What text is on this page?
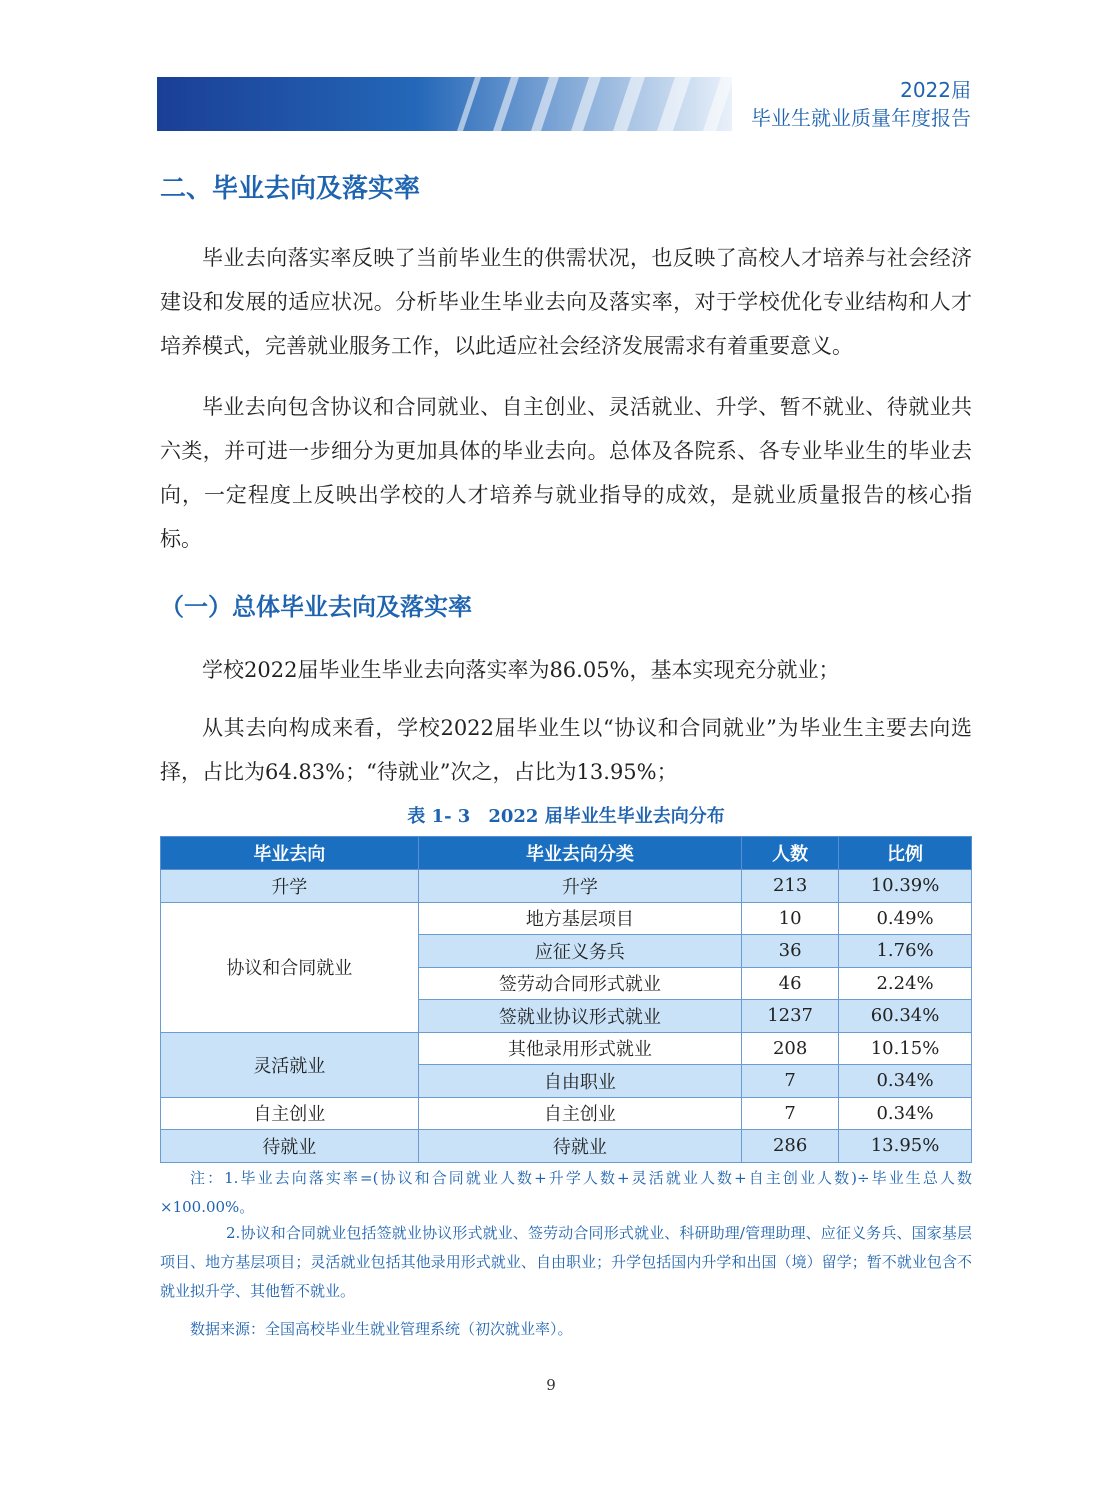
2022届
毕业生就业质量年度报告
二、毕业去向及落实率

毕业去向落实率反映了当前毕业生的供需状况，也反映了高校人才培养与社会经济建设和发展的适应状况。分析毕业生毕业去向及落实率，对于学校优化专业结构和人才培养模式，完善就业服务工作，以此适应社会经济发展需求有着重要意义。

毕业去向包含协议和合同就业、自主创业、灵活就业、升学、暂不就业、待就业共六类，并可进一步细分为更加具体的毕业去向。总体及各院系、各专业毕业生的毕业去向，一定程度上反映出学校的人才培养与就业指导的成效，是就业质量报告的核心指标。

（一）总体毕业去向及落实率

学校2022届毕业生毕业去向落实率为86.05%，基本实现充分就业；

从其去向构成来看，学校2022届毕业生以“协议和合同就业”为毕业生主要去向选择，占比为64.83%；“待就业”次之，占比为13.95%；

表 1- 3　2022 届毕业生毕业去向分布
毕业去向	毕业去向分类	人数	比例
升学	升学	213	10.39%
协议和合同就业	地方基层项目	10	0.49%
	应征义务兵	36	1.76%
	签劳动合同形式就业	46	2.24%
	签就业协议形式就业	1237	60.34%
灵活就业	其他录用形式就业	208	10.15%
	自由职业	7	0.34%
自主创业	自主创业	7	0.34%
待就业	待就业	286	13.95%

注：1.毕业去向落实率=(协议和合同就业人数+升学人数+灵活就业人数+自主创业人数)÷毕业生总人数×100.00%。

2.协议和合同就业包括签就业协议形式就业、签劳动合同形式就业、科研助理/管理助理、应征义务兵、国家基层项目、地方基层项目；灵活就业包括其他录用形式就业、自由职业；升学包括国内升学和出国（境）留学；暂不就业包含不就业拟升学、其他暂不就业。

数据来源：全国高校毕业生就业管理系统（初次就业率）。

9
